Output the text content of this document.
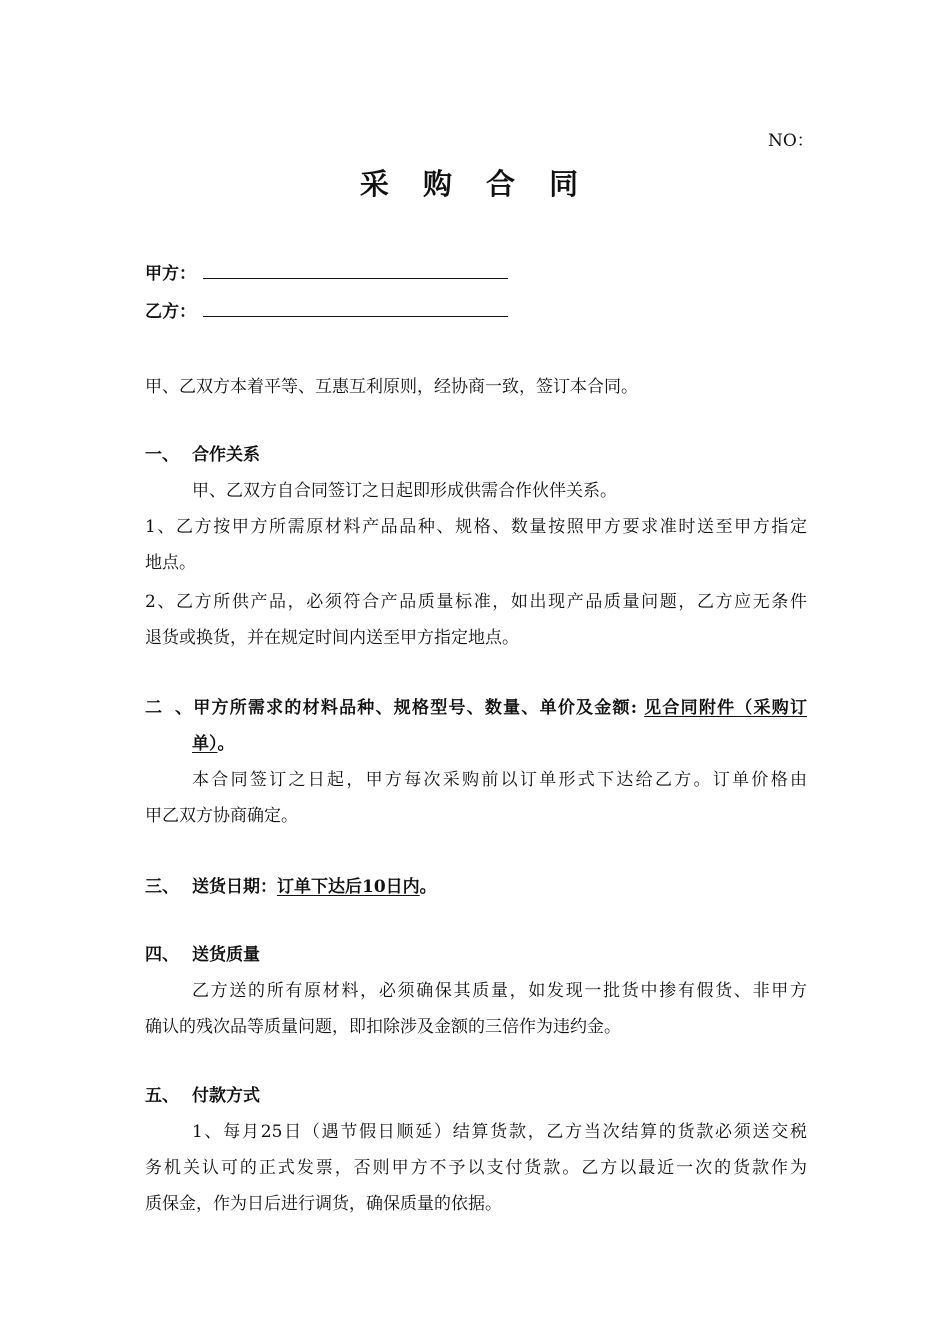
NO：
采 购 合 同
甲方：
乙方：
甲、乙双方本着平等、互惠互利原则，经协商一致，签订本合同。
一、 合作关系
甲、乙双方自合同签订之日起即形成供需合作伙伴关系。
1、乙方按甲方所需原材料产品品种、规格、数量按照甲方要求准时送至甲方指定
地点。
2、乙方所供产品，必须符合产品质量标准，如出现产品质量问题，乙方应无条件
退货或换货，并在规定时间内送至甲方指定地点。
二、甲方所需求的材料品种、规格型号、数量、单价及金额: 见合同附件（采购订
单）。
本合同签订之日起，甲方每次采购前以订单形式下达给乙方。订单价格由
甲乙双方协商确定。
三、 送货日期：订单下达后10日内。
四、 送货质量
乙方送的所有原材料，必须确保其质量，如发现一批货中掺有假货、非甲方
确认的残次品等质量问题，即扣除涉及金额的三倍作为违约金。
五、 付款方式
1、每月25日（遇节假日顺延）结算货款，乙方当次结算的货款必须送交税
务机关认可的正式发票，否则甲方不予以支付货款。乙方以最近一次的货款作为
质保金，作为日后进行调货，确保质量的依据。
